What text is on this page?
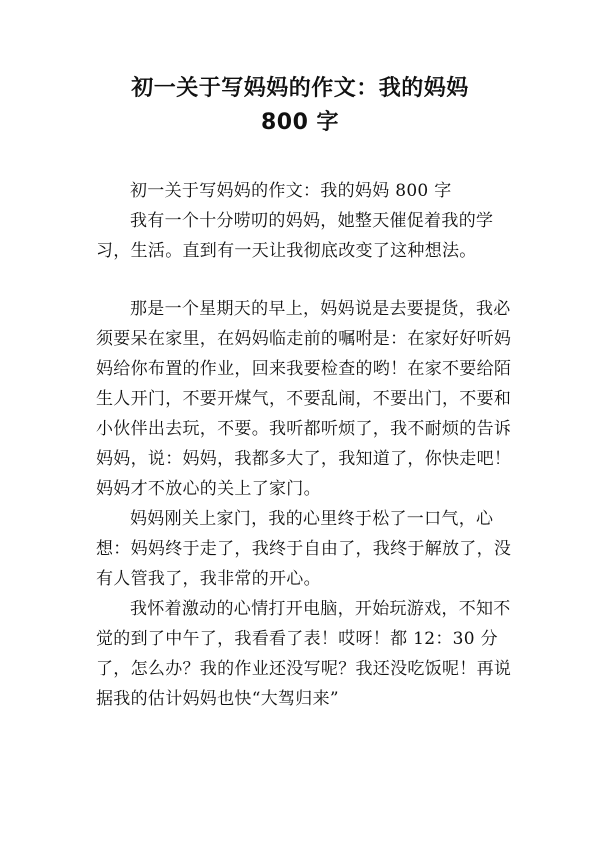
初一关于写妈妈的作文：我的妈妈
800 字

初一关于写妈妈的作文：我的妈妈 800 字

我有一个十分唠叨的妈妈，她整天催促着我的学习，生活。直到有一天让我彻底改变了这种想法。

那是一个星期天的早上，妈妈说是去要提货，我必须要呆在家里，在妈妈临走前的嘱咐是：在家好好听妈妈给你布置的作业，回来我要检查的哟！在家不要给陌生人开门，不要开煤气，不要乱闹，不要出门，不要和小伙伴出去玩，不要。我听都听烦了，我不耐烦的告诉妈妈，说：妈妈，我都多大了，我知道了，你快走吧！妈妈才不放心的关上了家门。

妈妈刚关上家门，我的心里终于松了一口气，心想：妈妈终于走了，我终于自由了，我终于解放了，没有人管我了，我非常的开心。

我怀着激动的心情打开电脑，开始玩游戏，不知不觉的到了中午了，我看看了表！哎呀！都 12：30 分了，怎么办？我的作业还没写呢？我还没吃饭呢！再说据我的估计妈妈也快“大驾归来”
